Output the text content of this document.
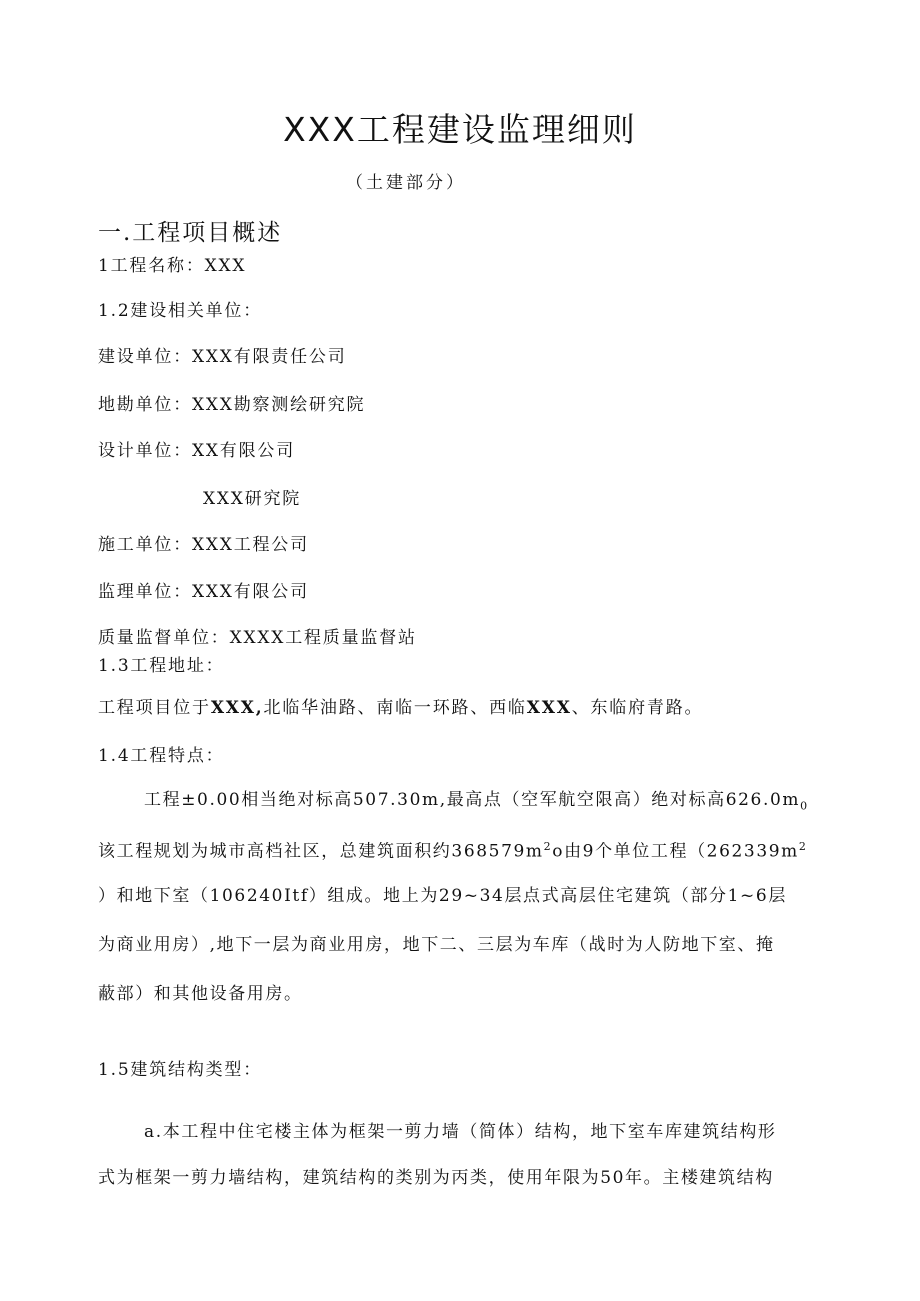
XXX工程建设监理细则
（土建部分）
一.工程项目概述
1工程名称：XXX
1.2建设相关单位：
建设单位：XXX有限责任公司
地勘单位：XXX勘察测绘研究院
设计单位：XX有限公司
XXX研究院
施工单位：XXX工程公司
监理单位：XXX有限公司
质量监督单位：XXXX工程质量监督站
1.3工程地址：
工程项目位于XXX,北临华油路、南临一环路、西临XXX、东临府青路。
1.4工程特点：
工程±0.00相当绝对标高507.30m,最高点（空军航空限高）绝对标高$626.0m_0$
该工程规划为城市高档社区，总建筑面积约$368579m^2o$由9个单位工程（$262339m^2$
）和地下室（106240Itf）组成。地上为29~34层点式高层住宅建筑（部分1~6层
为商业用房）,地下一层为商业用房，地下二、三层为车库（战时为人防地下室、掩
蔽部）和其他设备用房。
1.5建筑结构类型：
a.本工程中住宅楼主体为框架一剪力墙（简体）结构，地下室车库建筑结构形
式为框架一剪力墙结构，建筑结构的类别为丙类，使用年限为50年。主楼建筑结构
